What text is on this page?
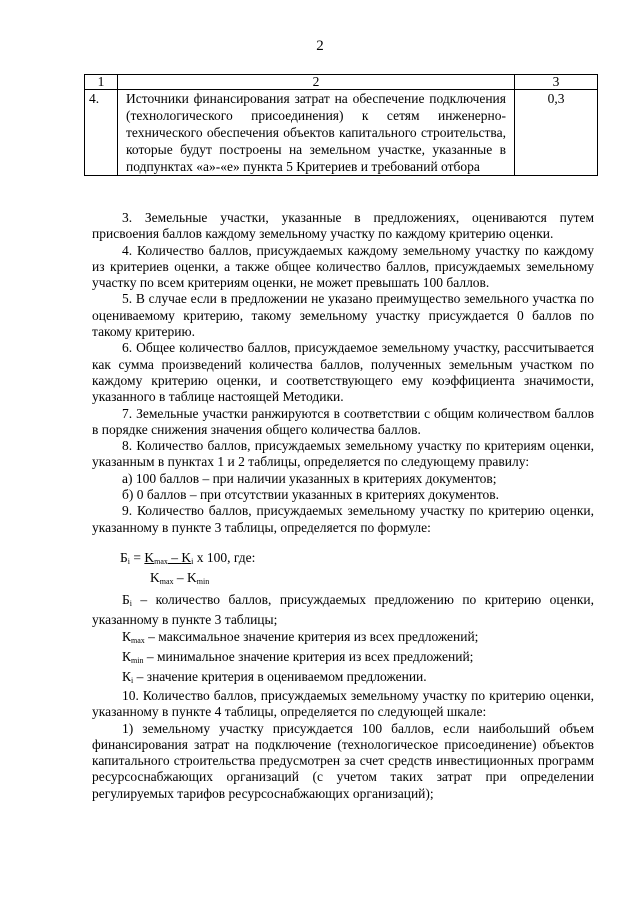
2
1	2	3
4.	Источники финансирования затрат на обеспечение подключения (технологического присоединения) к сетям инженерно-технического обеспечения объектов капитального строительства, которые будут построены на земельном участке, указанные в подпунктах «а»-«е» пункта 5 Критериев и требований отбора	0,3

3. Земельные участки, указанные в предложениях, оцениваются путем присвоения баллов каждому земельному участку по каждому критерию оценки.

4. Количество баллов, присуждаемых каждому земельному участку по каждому из критериев оценки, а также общее количество баллов, присуждаемых земельному участку по всем критериям оценки, не может превышать 100 баллов.

5. В случае если в предложении не указано преимущество земельного участка по оцениваемому критерию, такому земельному участку присуждается 0 баллов по такому критерию.

6. Общее количество баллов, присуждаемое земельному участку, рассчитывается как сумма произведений количества баллов, полученных земельным участком по каждому критерию оценки, и соответствующего ему коэффициента значимости, указанного в таблице настоящей Методики.

7. Земельные участки ранжируются в соответствии с общим количеством баллов в порядке снижения значения общего количества баллов.

8. Количество баллов, присуждаемых земельному участку по критериям оценки, указанным в пунктах 1 и 2 таблицы, определяется по следующему правилу:

а) 100 баллов – при наличии указанных в критериях документов;

б) 0 баллов – при отсутствии указанных в критериях документов.

9. Количество баллов, присуждаемых земельному участку по критерию оценки, указанному в пункте 3 таблицы, определяется по формуле:

$Б_i = K_{max} - K_i$ х 100, где:
$K_{max} - K_{min}$

$Б_i$ – количество баллов, присуждаемых предложению по критерию оценки, указанному в пункте 3 таблицы;

$К_{max}$ – максимальное значение критерия из всех предложений;

$К_{min}$ – минимальное значение критерия из всех предложений;

$К_i$ – значение критерия в оцениваемом предложении.

10. Количество баллов, присуждаемых земельному участку по критерию оценки, указанному в пункте 4 таблицы, определяется по следующей шкале:

1) земельному участку присуждается 100 баллов, если наибольший объем финансирования затрат на подключение (технологическое присоединение) объектов капитального строительства предусмотрен за счет средств инвестиционных программ ресурсоснабжающих организаций (с учетом таких затрат при определении регулируемых тарифов ресурсоснабжающих организаций);
